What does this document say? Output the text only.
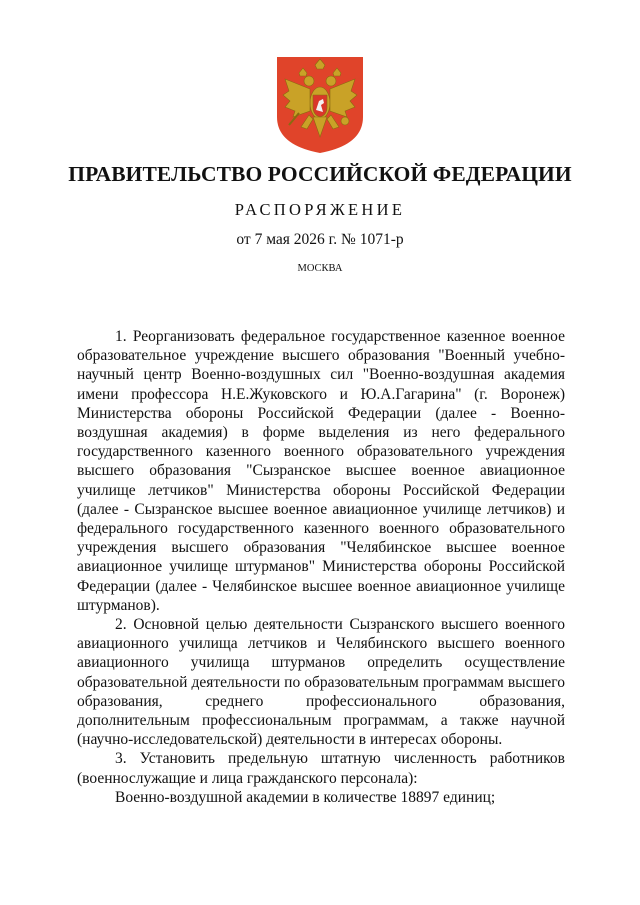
ПРАВИТЕЛЬСТВО РОССИЙСКОЙ ФЕДЕРАЦИИ
РАСПОРЯЖЕНИЕ
от 7 мая 2026 г. № 1071-р
МОСКВА

1. Реорганизовать федеральное государственное казенное военное образовательное учреждение высшего образования "Военный учебно-научный центр Военно-воздушных сил "Военно-воздушная академия имени профессора Н.Е.Жуковского и Ю.А.Гагарина" (г. Воронеж) Министерства обороны Российской Федерации (далее - Военно-воздушная академия) в форме выделения из него федерального государственного казенного военного образовательного учреждения высшего образования "Сызранское высшее военное авиационное училище летчиков" Министерства обороны Российской Федерации (далее - Сызранское высшее военное авиационное училище летчиков) и федерального государственного казенного военного образовательного учреждения высшего образования "Челябинское высшее военное авиационное училище штурманов" Министерства обороны Российской Федерации (далее - Челябинское высшее военное авиационное училище штурманов).

2. Основной целью деятельности Сызранского высшего военного авиационного училища летчиков и Челябинского высшего военного авиационного училища штурманов определить осуществление образовательной деятельности по образовательным программам высшего образования, среднего профессионального образования, дополнительным профессиональным программам, а также научной (научно-исследовательской) деятельности в интересах обороны.

3. Установить предельную штатную численность работников (военнослужащие и лица гражданского персонала):

Военно-воздушной академии в количестве 18897 единиц;
